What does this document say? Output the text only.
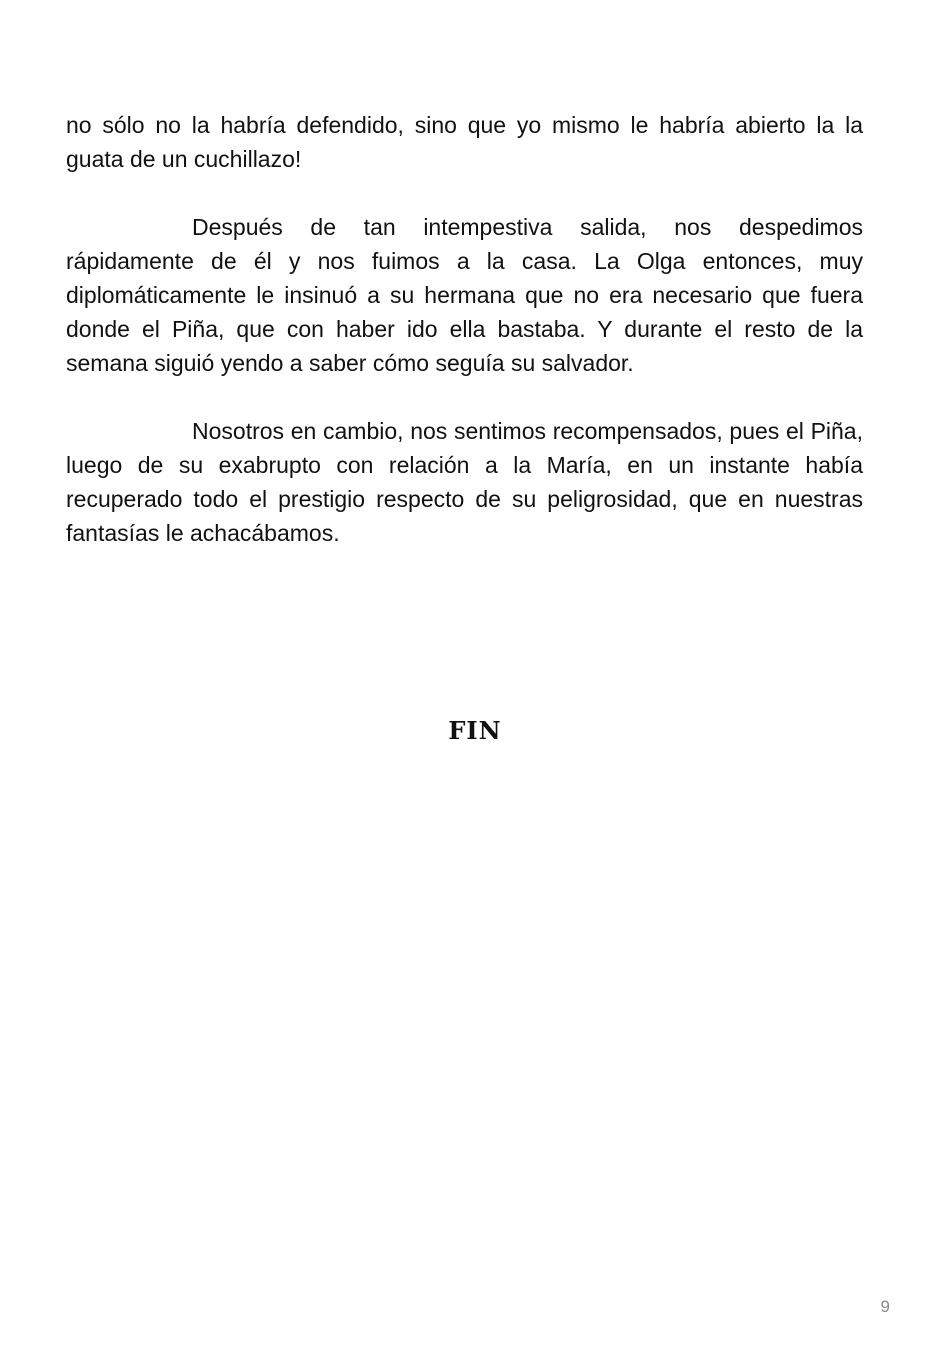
no sólo no la habría defendido, sino que yo mismo le habría abierto la la guata de un cuchillazo!

Después de tan intempestiva salida, nos despedimos rápidamente de él y nos fuimos a la casa. La Olga entonces, muy diplomáticamente le insinuó a su hermana que no era necesario que fuera donde el Piña, que con haber ido ella bastaba. Y durante el resto de la semana siguió yendo a saber cómo seguía su salvador.

Nosotros en cambio, nos sentimos recompensados, pues el Piña, luego de su exabrupto con relación a la María, en un instante había recuperado todo el prestigio respecto de su peligrosidad, que en nuestras fantasías le achacábamos.

FIN
9
